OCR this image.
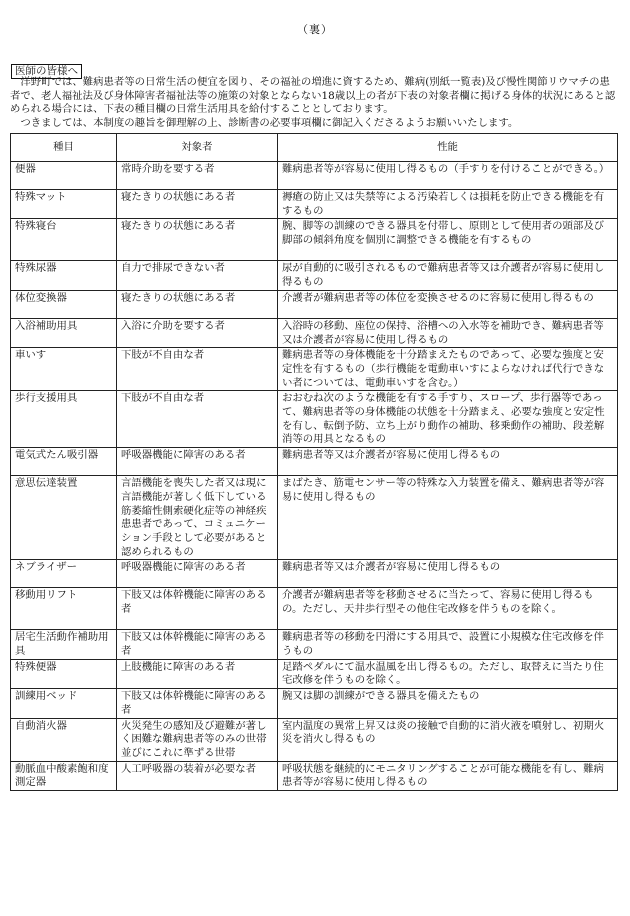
（裏）
医師の皆様へ

洋野町では、難病患者等の日常生活の便宜を図り、その福祉の増進に資するため、難病(別紙一覧表)及び慢性関節リウマチの患者で、老人福祉法及び身体障害者福祉法等の施策の対象とならない18歳以上の者が下表の対象者欄に掲げる身体的状況にあると認められる場合には、下表の種目欄の日常生活用具を給付することとしております。

つきましては、本制度の趣旨を御理解の上、診断書の必要事項欄に御記入くださるようお願いいたします。

種目	対象者	性能
便器	常時介助を要する者	難病患者等が容易に使用し得るもの（手すりを付けることができる。）
特殊マット	寝たきりの状態にある者	褥瘡の防止又は失禁等による汚染若しくは損耗を防止できる機能を有するもの
特殊寝台	寝たきりの状態にある者	腕、脚等の訓練のできる器具を付帯し、原則として使用者の頭部及び脚部の傾斜角度を個別に調整できる機能を有するもの
特殊尿器	自力で排尿できない者	尿が自動的に吸引されるもので難病患者等又は介護者が容易に使用し得るもの
体位変換器	寝たきりの状態にある者	介護者が難病患者等の体位を変換させるのに容易に使用し得るもの
入浴補助用具	入浴に介助を要する者	入浴時の移動、座位の保持、浴槽への入水等を補助でき、難病患者等又は介護者が容易に使用し得るもの
車いす	下肢が不自由な者	難病患者等の身体機能を十分踏まえたものであって、必要な強度と安定性を有するもの（歩行機能を電動車いすによらなければ代行できない者については、電動車いすを含む。）
歩行支援用具	下肢が不自由な者	おおむね次のような機能を有する手すり、スロープ、歩行器等であって、難病患者等の身体機能の状態を十分踏まえ、必要な強度と安定性を有し、転倒予防、立ち上がり動作の補助、移乗動作の補助、段差解消等の用具となるもの
電気式たん吸引器	呼吸器機能に障害のある者	難病患者等又は介護者が容易に使用し得るもの
意思伝達装置	言語機能を喪失した者又は現に言語機能が著しく低下している筋萎縮性側索硬化症等の神経疾患患者であって、コミュニケーション手段として必要があると認められるもの	まばたき、筋電センサー等の特殊な入力装置を備え、難病患者等が容易に使用し得るもの
ネブライザー	呼吸器機能に障害のある者	難病患者等又は介護者が容易に使用し得るもの
移動用リフト	下肢又は体幹機能に障害のある者	介護者が難病患者等を移動させるに当たって、容易に使用し得るもの。ただし、天井歩行型その他住宅改修を伴うものを除く。
居宅生活動作補助用具	下肢又は体幹機能に障害のある者	難病患者等の移動を円滑にする用具で、設置に小規模な住宅改修を伴うもの
特殊便器	上肢機能に障害のある者	足踏ペダルにて温水温風を出し得るもの。ただし、取替えに当たり住宅改修を伴うものを除く。
訓練用ベッド	下肢又は体幹機能に障害のある者	腕又は脚の訓練ができる器具を備えたもの
自動消火器	火災発生の感知及び避難が著しく困難な難病患者等のみの世帯並びにこれに準ずる世帯	室内温度の異常上昇又は炎の接触で自動的に消火液を噴射し、初期火災を消火し得るもの
動脈血中酸素飽和度測定器	人工呼吸器の装着が必要な者	呼吸状態を継続的にモニタリングすることが可能な機能を有し、難病患者等が容易に使用し得るもの
